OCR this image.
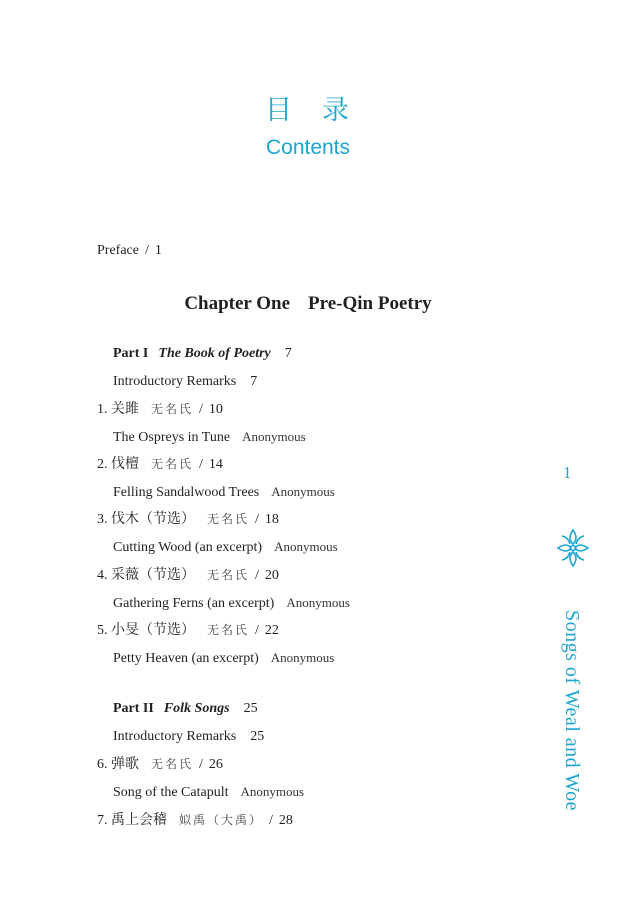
目 录
Contents
Preface / 1
Chapter One Pre-Qin Poetry
Part I The Book of Poetry 7
Introductory Remarks 7
1. 关雎 无名氏 / 10
The Ospreys in Tune Anonymous
2. 伐檀 无名氏 / 14
Felling Sandalwood Trees Anonymous
3. 伐木（节选） 无名氏 / 18
Cutting Wood (an excerpt) Anonymous
4. 采薇（节选） 无名氏 / 20
Gathering Ferns (an excerpt) Anonymous
5. 小旻（节选） 无名氏 / 22
Petty Heaven (an excerpt) Anonymous
Part II Folk Songs 25
Introductory Remarks 25
6. 弹歌 无名氏 / 26
Song of the Catapult Anonymous
7. 禹上会稽 姒禹（大禹） / 28
1
Songs of Weal and Woe
